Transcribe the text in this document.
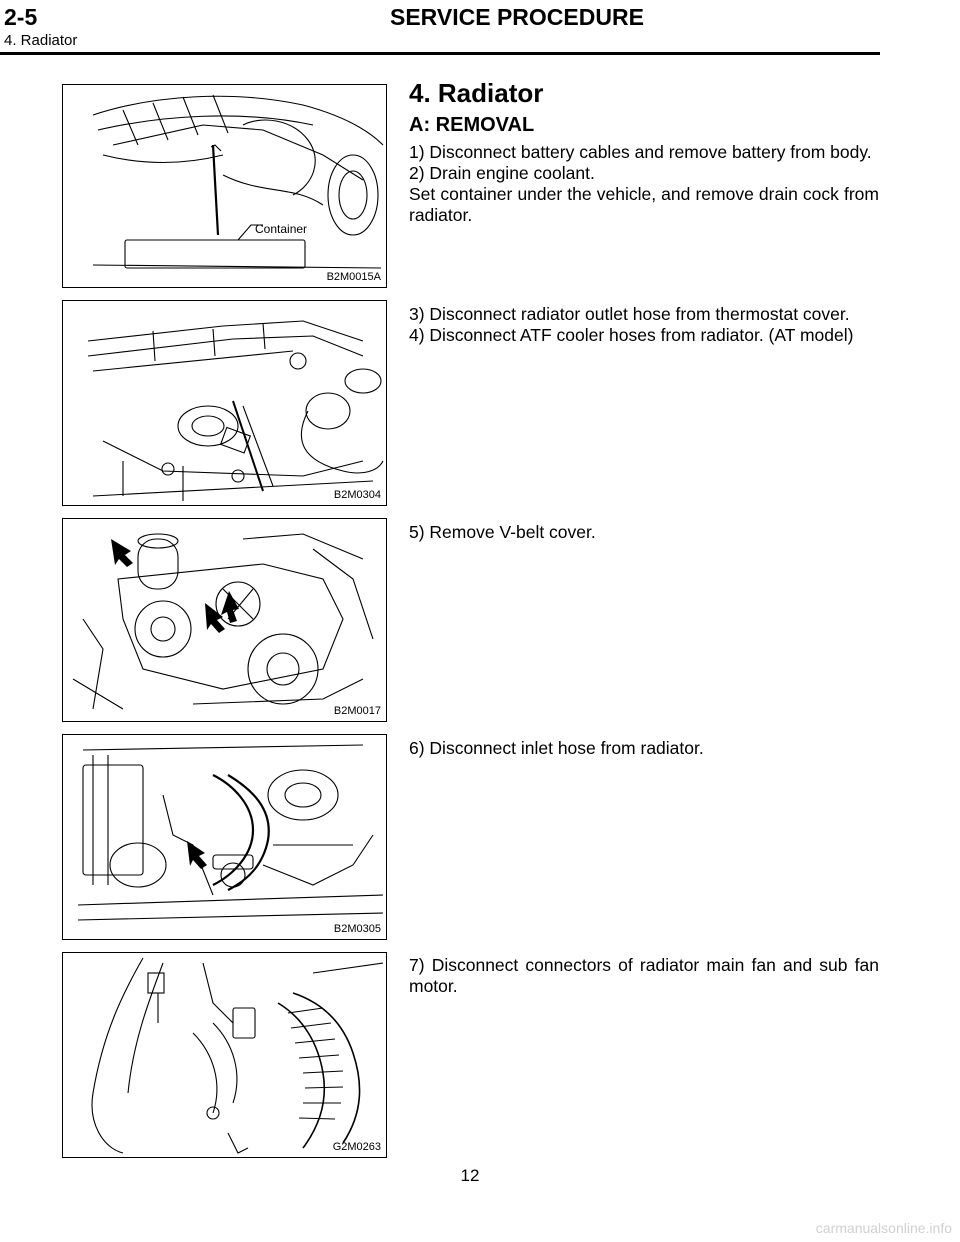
2-5	SERVICE PROCEDURE
4. Radiator
Container
B2M0015A
B2M0304
B2M0017
B2M0305
G2M0263
4. Radiator
A: REMOVAL

1) Disconnect battery cables and remove battery from body.

2) Drain engine coolant.

Set container under the vehicle, and remove drain cock from radiator.

3) Disconnect radiator outlet hose from thermostat cover.

4) Disconnect ATF cooler hoses from radiator. (AT model)

5) Remove V-belt cover.

6) Disconnect inlet hose from radiator.

7) Disconnect connectors of radiator main fan and sub fan motor.

12
carmanualsonline.info
